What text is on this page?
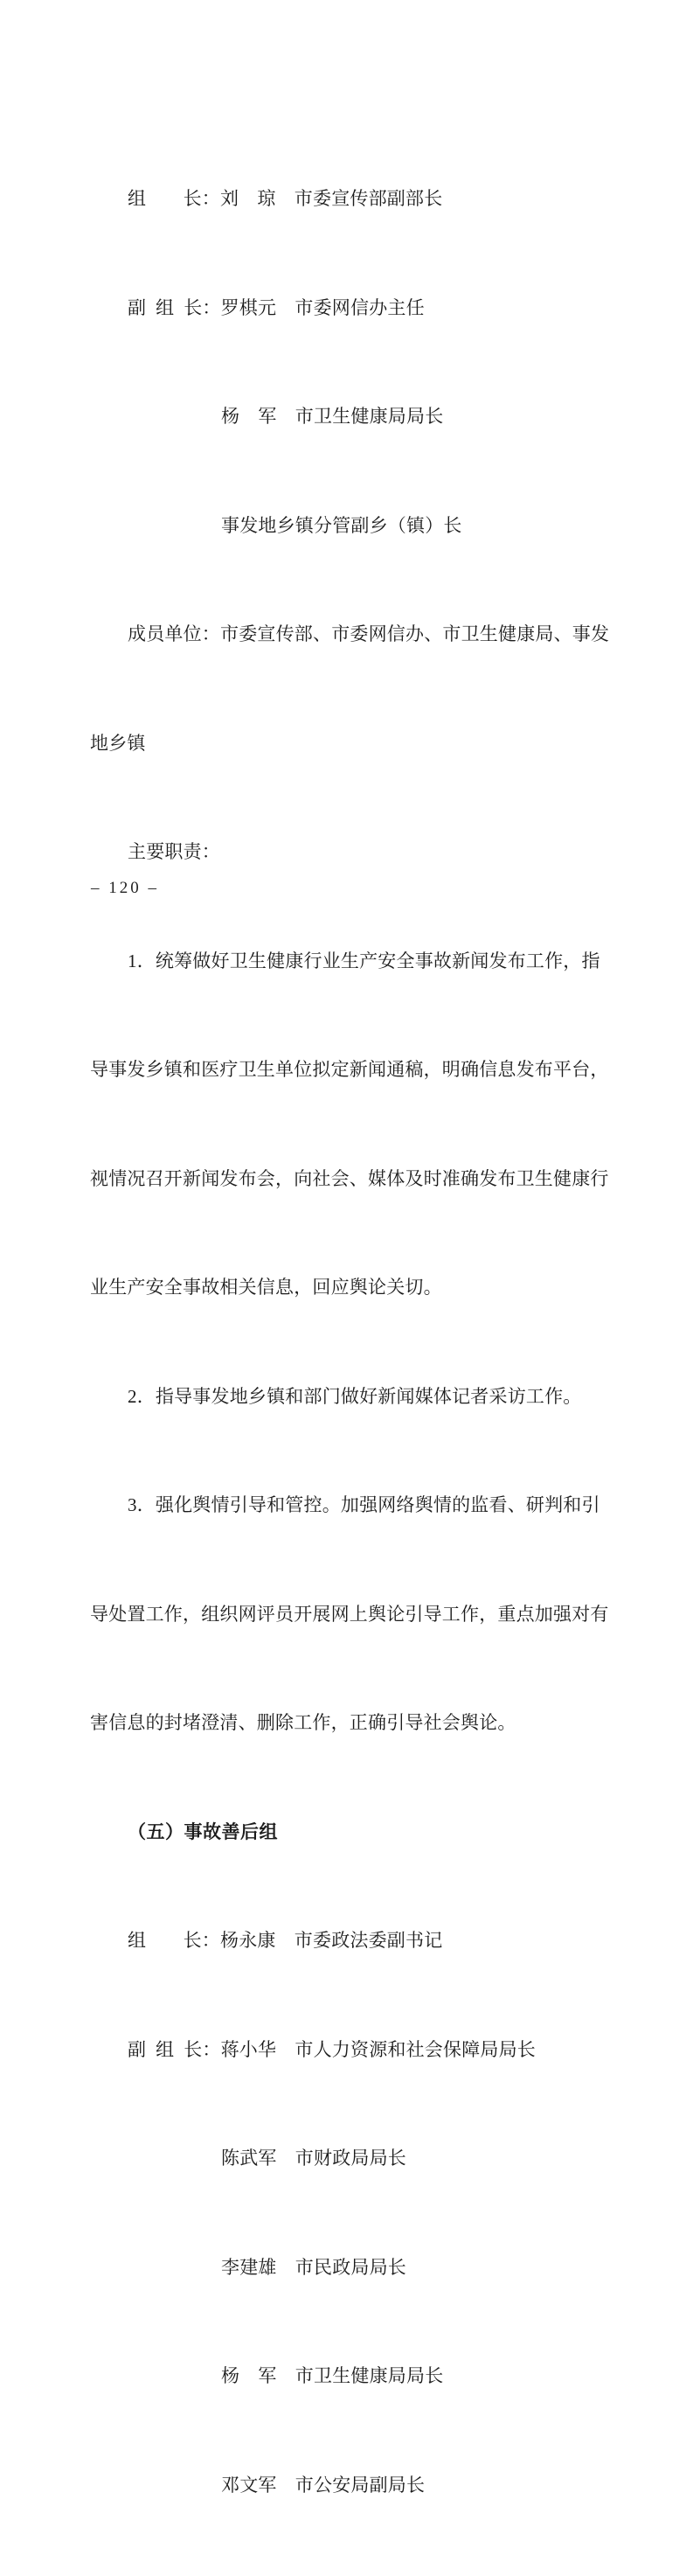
组　　长：刘　琼　市委宣传部副部长

副  组  长：罗棋元　市委网信办主任

杨　军　市卫生健康局局长

事发地乡镇分管副乡（镇）长

成员单位：市委宣传部、市委网信办、市卫生健康局、事发

地乡镇

主要职责：

1．统筹做好卫生健康行业生产安全事故新闻发布工作，指

导事发乡镇和医疗卫生单位拟定新闻通稿，明确信息发布平台，

视情况召开新闻发布会，向社会、媒体及时准确发布卫生健康行

业生产安全事故相关信息，回应舆论关切。

2．指导事发地乡镇和部门做好新闻媒体记者采访工作。

3．强化舆情引导和管控。加强网络舆情的监看、研判和引

导处置工作，组织网评员开展网上舆论引导工作，重点加强对有

害信息的封堵澄清、删除工作，正确引导社会舆论。

（五）事故善后组

组　　长：杨永康　市委政法委副书记

副  组  长：蒋小华　市人力资源和社会保障局局长

陈武军　市财政局局长

李建雄　市民政局局长

杨　军　市卫生健康局局长

邓文军　市公安局副局长

– 120 –
